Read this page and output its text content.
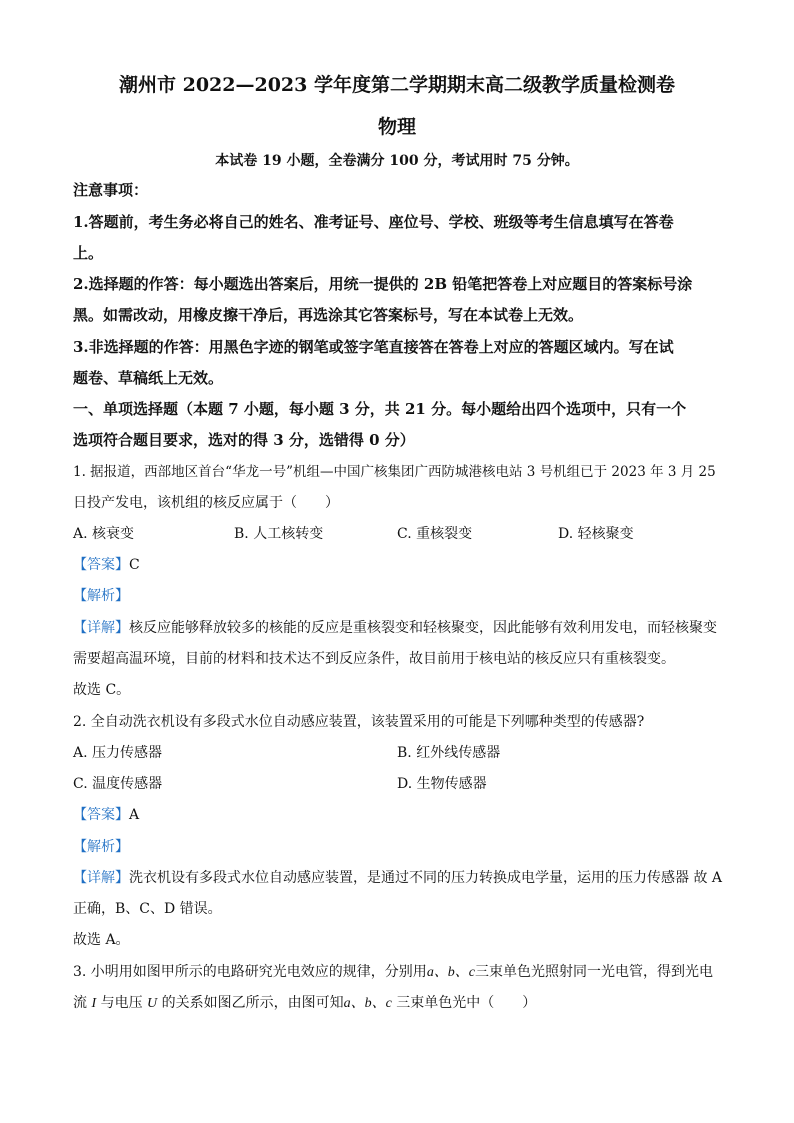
潮州市 2022—2023 学年度第二学期期末高二级教学质量检测卷
物理
本试卷 19 小题，全卷满分 100 分，考试用时 75 分钟。
注意事项：
1.答题前，考生务必将自己的姓名、准考证号、座位号、学校、班级等考生信息填写在答卷
上。
2.选择题的作答：每小题选出答案后，用统一提供的 2B 铅笔把答卷上对应题目的答案标号涂
黑。如需改动，用橡皮擦干净后，再选涂其它答案标号，写在本试卷上无效。
3.非选择题的作答：用黑色字迹的钢笔或签字笔直接答在答卷上对应的答题区域内。写在试
题卷、草稿纸上无效。
一、单项选择题（本题 7 小题，每小题 3 分，共 21 分。每小题给出四个选项中，只有一个
选项符合题目要求，选对的得 3 分，选错得 0 分）
1. 据报道，西部地区首台“华龙一号”机组—中国广核集团广西防城港核电站 3 号机组已于 2023 年 3 月 25
日投产发电，该机组的核反应属于（　　）
A. 核衰变	B. 人工核转变	C. 重核裂变	D. 轻核聚变
【答案】C
【解析】
【详解】核反应能够释放较多的核能的反应是重核裂变和轻核聚变，因此能够有效利用发电，而轻核聚变
需要超高温环境，目前的材料和技术达不到反应条件，故目前用于核电站的核反应只有重核裂变。
故选 C。
2. 全自动洗衣机设有多段式水位自动感应装置，该装置采用的可能是下列哪种类型的传感器?
A. 压力传感器	B. 红外线传感器
C. 温度传感器	D. 生物传感器
【答案】A
【解析】
【详解】洗衣机设有多段式水位自动感应装置，是通过不同的压力转换成电学量，运用的压力传感器 故 A
正确，B、C、D 错误。
故选 A。
3. 小明用如图甲所示的电路研究光电效应的规律，分别用a、b、c三束单色光照射同一光电管，得到光电
流 I 与电压 U 的关系如图乙所示，由图可知a、b、c 三束单色光中（　　）
